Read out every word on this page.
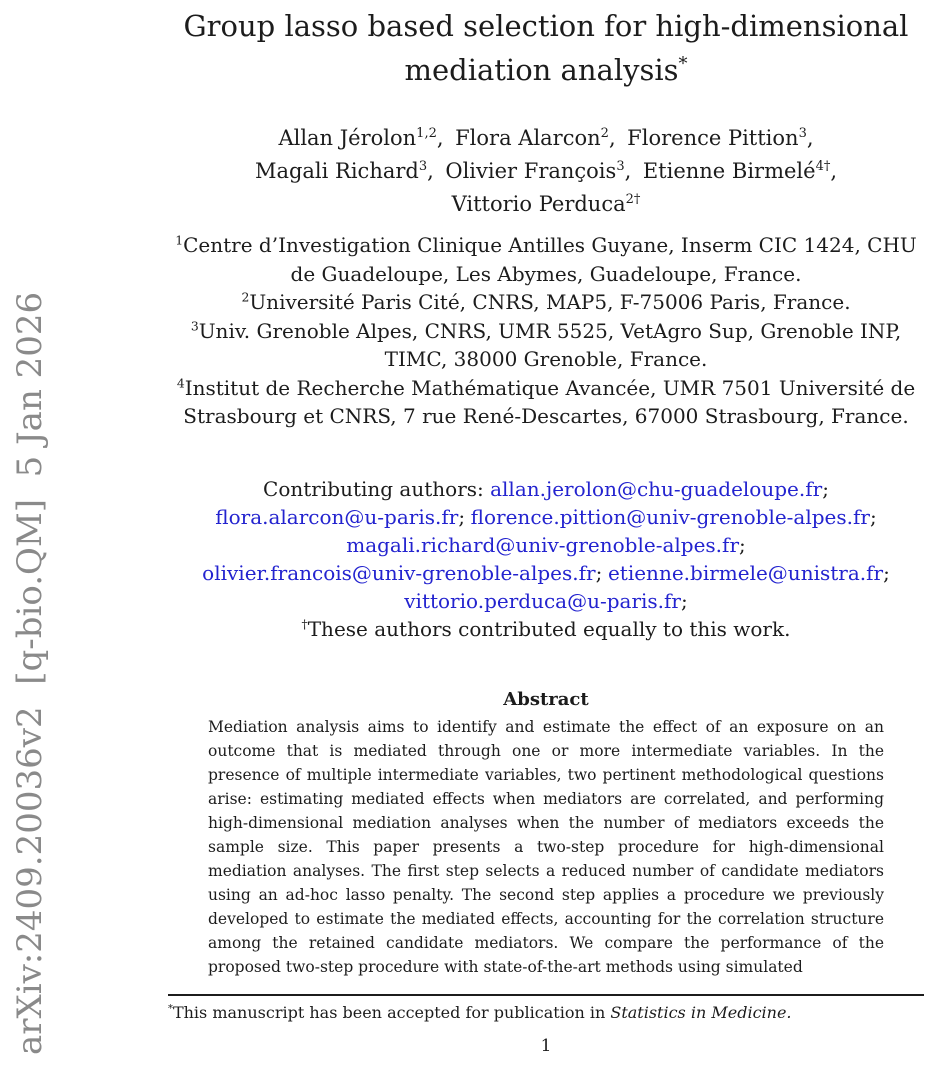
arXiv:2409.20036v2  [q-bio.QM]  5 Jan 2026
Group lasso based selection for high-dimensional
mediation analysis*
Allan Jérolon$^{1,2}$, Flora Alarcon$^2$, Florence Pittion$^3$,
Magali Richard$^3$, Olivier François$^3$, Etienne Birmelé$^{4\dagger}$,
Vittorio Perduca$^{2\dagger}$
$^1$Centre d’Investigation Clinique Antilles Guyane, Inserm CIC 1424, CHU de Guadeloupe, Les Abymes, Guadeloupe, France.
$^2$Université Paris Cité, CNRS, MAP5, F-75006 Paris, France.
$^3$Univ. Grenoble Alpes, CNRS, UMR 5525, VetAgro Sup, Grenoble INP, TIMC, 38000 Grenoble, France.
$^4$Institut de Recherche Mathématique Avancée, UMR 7501 Université de Strasbourg et CNRS, 7 rue René-Descartes, 67000 Strasbourg, France.
Contributing authors: allan.jerolon@chu-guadeloupe.fr;
flora.alarcon@u-paris.fr; florence.pittion@univ-grenoble-alpes.fr;
magali.richard@univ-grenoble-alpes.fr;
olivier.francois@univ-grenoble-alpes.fr; etienne.birmele@unistra.fr;
vittorio.perduca@u-paris.fr;
†These authors contributed equally to this work.
Abstract

Mediation analysis aims to identify and estimate the effect of an exposure on an outcome that is mediated through one or more intermediate variables. In the presence of multiple intermediate variables, two pertinent methodological questions arise: estimating mediated effects when mediators are correlated, and performing high-dimensional mediation analyses when the number of mediators exceeds the sample size. This paper presents a two-step procedure for high-dimensional mediation analyses. The first step selects a reduced number of candidate mediators using an ad-hoc lasso penalty. The second step applies a procedure we previously developed to estimate the mediated effects, accounting for the correlation structure among the retained candidate mediators. We compare the performance of the proposed two-step procedure with state-of-the-art methods using simulated

*This manuscript has been accepted for publication in Statistics in Medicine.
1
